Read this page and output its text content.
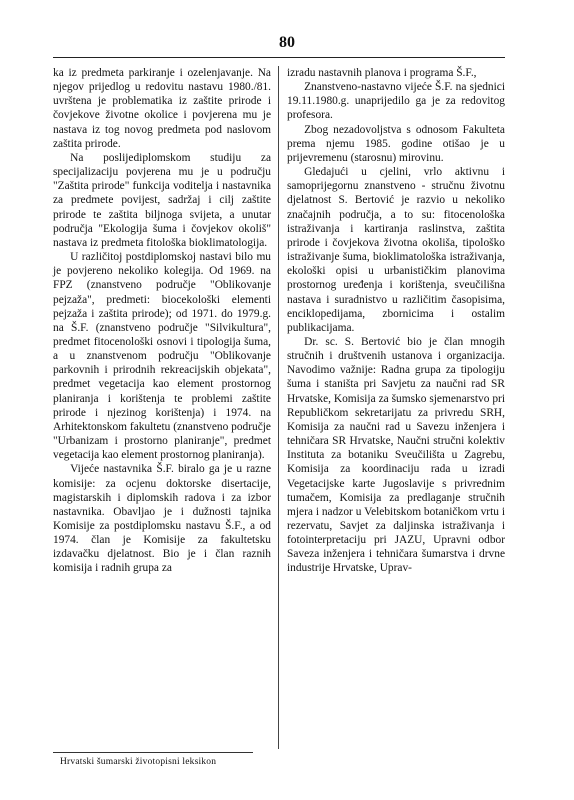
80

ka iz predmeta parkiranje i ozelenjavanje. Na njegov prijedlog u redovitu nastavu 1980./81. uvrštena je problematika iz zaštite prirode i čovjekove životne okolice i povjerena mu je nastava iz tog novog predmeta pod naslovom zaštita prirode.

Na poslijediplomskom studiju za specijalizaciju povjerena mu je u području "Zaštita prirode" funkcija voditelja i nastavnika za predmete povijest, sadržaj i cilj zaštite prirode te zaštita biljnoga svijeta, a unutar područja "Ekologija šuma i čovjekov okoliš" nastava iz predmeta fitološka bioklimatologija.

U različitoj postdiplomskoj nastavi bilo mu je povjereno nekoliko kolegija. Od 1969. na FPZ (znanstveno područje "Oblikovanje pejzaža", predmeti: biocekološki elementi pejzaža i zaštita prirode); od 1971. do 1979.g. na Š.F. (znanstveno područje "Silvikultura", predmet fitocenološki osnovi i tipologija šuma, a u znanstvenom području "Oblikovanje parkovnih i prirodnih rekreacijskih objekata", predmet vegetacija kao element prostornog planiranja i korištenja te problemi zaštite prirode i njezinog korištenja) i 1974. na Arhitektonskom fakultetu (znanstveno područje "Urbanizam i prostorno planiranje", predmet vegetacija kao element prostornog planiranja).

Vijeće nastavnika Š.F. biralo ga je u razne komisije: za ocjenu doktorske disertacije, magistarskih i diplomskih radova i za izbor nastavnika. Obavljao je i dužnosti tajnika Komisije za postdiplomsku nastavu Š.F., a od 1974. član je Komisije za fakultetsku izdavačku djelatnost. Bio je i član raznih komisija i radnih grupa za

izradu nastavnih planova i programa Š.F.,

Znanstveno-nastavno vijeće Š.F. na sjednici 19.11.1980.g. unaprijedilo ga je za redovitog profesora.

Zbog nezadovoljstva s odnosom Fakulteta prema njemu 1985. godine otišao je u prijevremenu (starosnu) mirovinu.

Gledajući u cjelini, vrlo aktivnu i samoprijegornu znanstveno - stručnu životnu djelatnost S. Bertović je razvio u nekoliko značajnih područja, a to su: fitocenološka istraživanja i kartiranja raslinstva, zaštita prirode i čovjekova životna okoliša, tipološko istraživanje šuma, bioklimatološka istraživanja, ekološki opisi u urbanističkim planovima prostornog uređenja i korištenja, sveučilišna nastava i suradnistvo u različitim časopisima, enciklopedijama, zbornicima i ostalim publikacijama.

Dr. sc. S. Bertović bio je član mnogih stručnih i društvenih ustanova i organizacija. Navodimo važnije: Radna grupa za tipologiju šuma i staništa pri Savjetu za naučni rad SR Hrvatske, Komisija za šumsko sjemenarstvo pri Republičkom sekretarijatu za privredu SRH, Komisija za naučni rad u Savezu inženjera i tehničara SR Hrvatske, Naučni stručni kolektiv Instituta za botaniku Sveučilišta u Zagrebu, Komisija za koordinaciju rada u izradi Vegetacijske karte Jugoslavije s privrednim tumačem, Komisija za predlaganje stručnih mjera i nadzor u Velebitskom botaničkom vrtu i rezervatu, Savjet za daljinska istraživanja i fotointerpretaciju pri JAZU, Upravni odbor Saveza inženjera i tehničara šumarstva i drvne industrije Hrvatske, Uprav-

Hrvatski šumarski životopisni leksikon
